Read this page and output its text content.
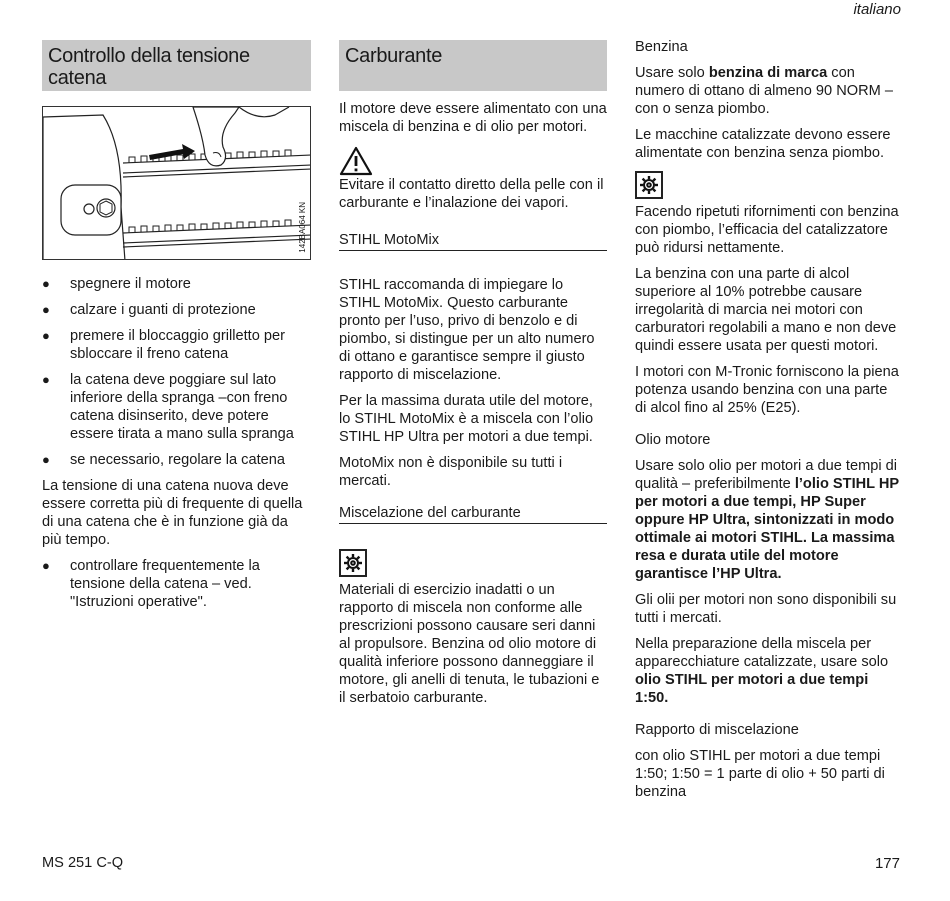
italiano
Controllo della tensione catena
142BA064 KN
● spegnere il motore
● calzare i guanti di protezione
● premere il bloccaggio grilletto per sbloccare il freno catena
● la catena deve poggiare sul lato inferiore della spranga –con freno catena disinserito, deve potere essere tirata a mano sulla spranga
● se necessario, regolare la catena

La tensione di una catena nuova deve essere corretta più di frequente di quella di una catena che è in funzione già da più tempo.

● controllare frequentemente la tensione della catena – ved. "Istruzioni operative".
Carburante

Il motore deve essere alimentato con una miscela di benzina e di olio per motori.

Evitare il contatto diretto della pelle con il carburante e l’inalazione dei vapori.

STIHL MotoMix

STIHL raccomanda di impiegare lo STIHL MotoMix. Questo carburante pronto per l’uso, privo di benzolo e di piombo, si distingue per un alto numero di ottano e garantisce sempre il giusto rapporto di miscelazione.

Per la massima durata utile del motore, lo STIHL MotoMix è a miscela con l’olio STIHL HP Ultra per motori a due tempi.

MotoMix non è disponibile su tutti i mercati.

Miscelazione del carburante

Materiali di esercizio inadatti o un rapporto di miscela non conforme alle prescrizioni possono causare seri danni al propulsore. Benzina od olio motore di qualità inferiore possono danneggiare il motore, gli anelli di tenuta, le tubazioni e il serbatoio carburante.

Benzina

Usare solo benzina di marca con numero di ottano di almeno 90 NORM – con o senza piombo.

Le macchine catalizzate devono essere alimentate con benzina senza piombo.

Facendo ripetuti rifornimenti con benzina con piombo, l’efficacia del catalizzatore può ridursi nettamente.

La benzina con una parte di alcol superiore al 10% potrebbe causare irregolarità di marcia nei motori con carburatori regolabili a mano e non deve quindi essere usata per questi motori.

I motori con M-Tronic forniscono la piena potenza usando benzina con una parte di alcol fino al 25% (E25).

Olio motore

Usare solo olio per motori a due tempi di qualità – preferibilmente l’olio STIHL HP per motori a due tempi, HP Super oppure HP Ultra, sintonizzati in modo ottimale ai motori STIHL. La massima resa e durata utile del motore garantisce l’HP Ultra.

Gli olii per motori non sono disponibili su tutti i mercati.

Nella preparazione della miscela per apparecchiature catalizzate, usare solo olio STIHL per motori a due tempi 1:50.

Rapporto di miscelazione

con olio STIHL per motori a due tempi 1:50; 1:50 = 1 parte di olio + 50 parti di benzina

MS 251 C-Q	177
